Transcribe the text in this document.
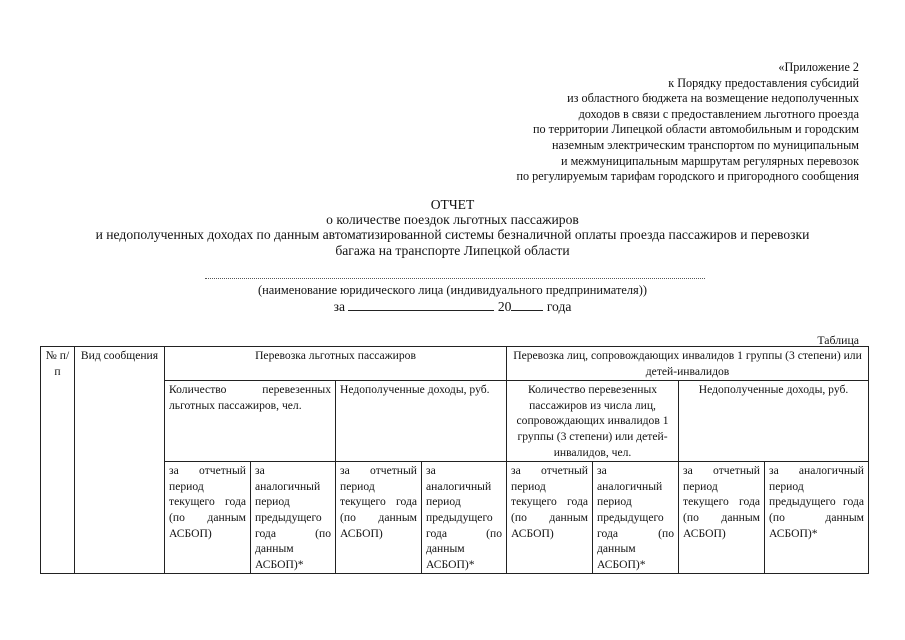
«Приложение 2
к Порядку предоставления субсидий
из областного бюджета на возмещение недополученных
доходов в связи с предоставлением льготного проезда
по территории Липецкой области автомобильным и городским
наземным электрическим транспортом по муниципальным
и межмуниципальным маршрутам регулярных перевозок
по регулируемым тарифам городского и пригородного сообщения
ОТЧЕТ
о количестве поездок льготных пассажиров
и недополученных доходах по данным автоматизированной системы безналичной оплаты проезда пассажиров и перевозки
багажа на транспорте Липецкой области
(наименование юридического лица (индивидуального предпринимателя))
за	20	года
Таблица
№ п/п	Вид сообщения	Перевозка льготных пассажиров				Перевозка лиц, сопровождающих инвалидов 1 группы (3 степени) или детей-инвалидов			
		Количество перевезенных льготных пассажиров, чел.		Недополученные доходы, руб.		Количество перевезенных пассажиров из числа лиц, сопровождающих инвалидов 1 группы (3 степени) или детей-инвалидов, чел.		Недополученные доходы, руб.	
		за отчетный период текущего года (по данным АСБОП)	за аналогичный период предыдущего года (по данным АСБОП)*	за отчетный период текущего года (по данным АСБОП)	за аналогичный период предыдущего года (по данным АСБОП)*	за отчетный период текущего года (по данным АСБОП)	за аналогичный период предыдущего года (по данным АСБОП)*	за отчетный период текущего года (по данным АСБОП)	за аналогичный период предыдущего года (по данным АСБОП)*
